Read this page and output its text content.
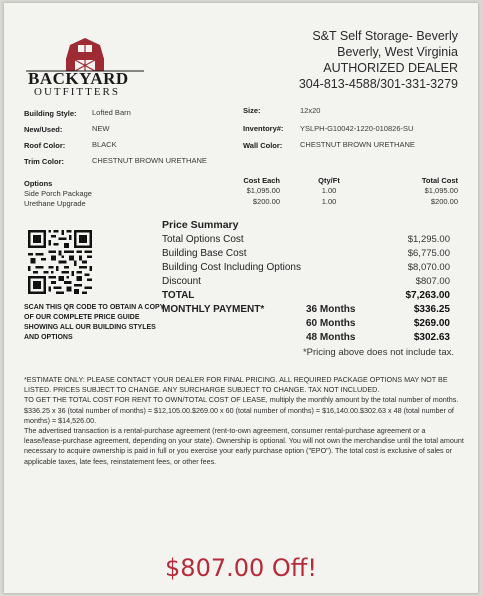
BACKYARD
OUTFITTERS
S&T Self Storage- Beverly
Beverly, West Virginia
AUTHORIZED DEALER
304-813-4588/301-331-3279
Building Style: Lofted Barn
New/Used:	NEW
Roof Color:	BLACK
Trim Color:	CHESTNUT BROWN URETHANE
Size:	12x20
Inventory#: YSLPH-G10042-1220-010826-SU
Wall Color: CHESTNUT BROWN URETHANE
Options	Cost Each	Qty/Ft	Total Cost
Side Porch Package	$1,095.00	1.00	$1,095.00
Urethane Upgrade	$200.00	1.00	$200.00
SCAN THIS QR CODE TO OBTAIN A COPY OF OUR COMPLETE PRICE GUIDE SHOWING ALL OUR BUILDING STYLES AND OPTIONS
Price Summary
Total Options Cost	$1,295.00
Building Base Cost	$6,775.00
Building Cost Including Options	$8,070.00
Discount	$807.00
TOTAL	$7,263.00
MONTHLY PAYMENT*	36 Months	$336.25
60 Months	$269.00
48 Months	$302.63
*Pricing above does not include tax.
*ESTIMATE ONLY: PLEASE CONTACT YOUR DEALER FOR FINAL PRICING. ALL REQUIRED PACKAGE OPTIONS MAY NOT BE LISTED. PRICES SUBJECT TO CHANGE. ANY SURCHARGE SUBJECT TO CHANGE. TAX NOT INCLUDED.
TO GET THE TOTAL COST FOR RENT TO OWN/TOTAL COST OF LEASE, multiply the monthly amount by the total number of months.
$336.25 x 36 (total number of months) = $12,105.00.$269.00 x 60 (total number of months) = $16,140.00.$302.63 x 48 (total number of months) = $14,526.00.
The advertised transaction is a rental-purchase agreement (rent-to-own agreement, consumer rental-purchase agreement or a lease/lease-purchase agreement, depending on your state). Ownership is optional. You will not own the merchandise until the total amount necessary to acquire ownership is paid in full or you exercise your early purchase option ("EPO"). The total cost is exclusive of sales or applicable taxes, late fees, reinstatement fees, or other fees.
$807.00 Off!
